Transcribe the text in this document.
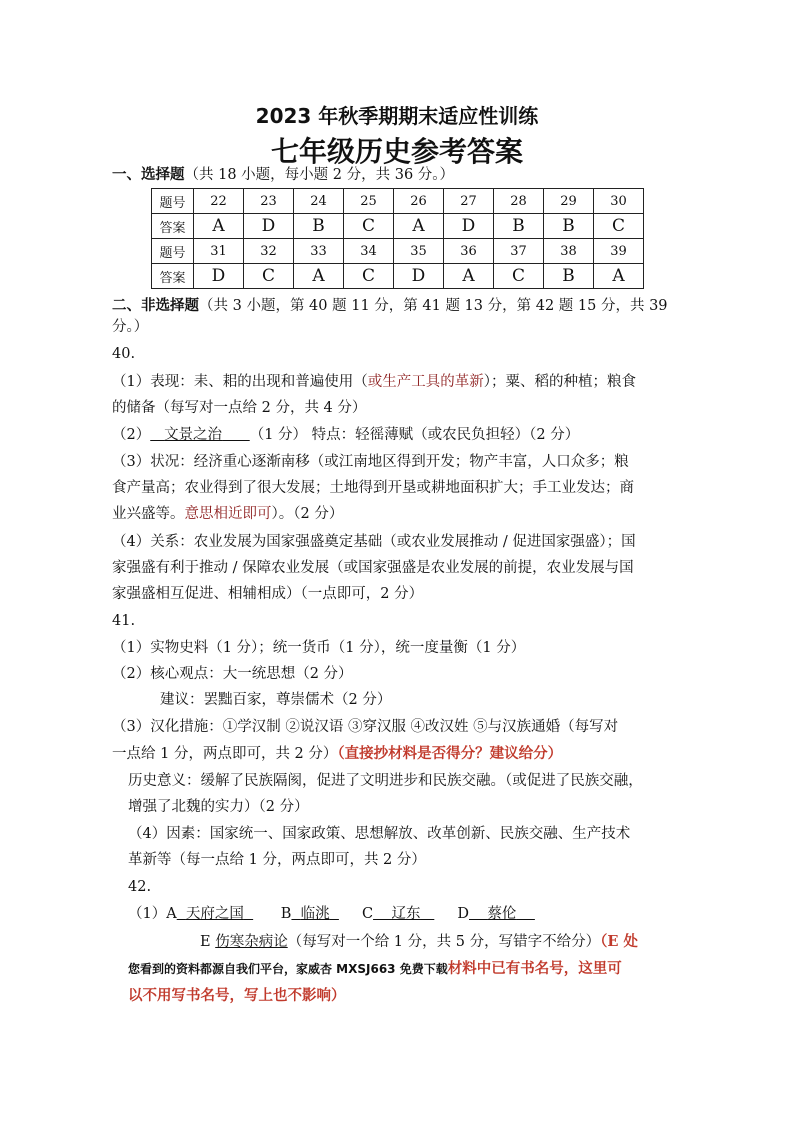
2023 年秋季期期末适应性训练
七年级历史参考答案
一、选择题（共 18 小题，每小题 2 分，共 36 分。）
题号	22	23	24	25	26	27	28	29	30
答案	A	D	B	C	A	D	B	B	C
题号	31	32	33	34	35	36	37	38	39
答案	D	C	A	C	D	A	C	B	A
二、非选择题（共 3 小题，第 40 题 11 分，第 41 题 13 分，第 42 题 15 分，共 39
分。）
40.
（1）表现：耒、耜的出现和普遍使用（或生产工具的革新）；粟、稻的种植；粮食
的储备（每写对一点给 2 分，共 4 分）
（2） 文景之治 （1 分） 特点：轻徭薄赋（或农民负担轻）（2 分）
（3）状况：经济重心逐渐南移（或江南地区得到开发；物产丰富，人口众多；粮
食产量高；农业得到了很大发展；土地得到开垦或耕地面积扩大；手工业发达；商
业兴盛等。意思相近即可）。（2 分）
（4）关系：农业发展为国家强盛奠定基础（或农业发展推动 / 促进国家强盛）；国
家强盛有利于推动 / 保障农业发展（或国家强盛是农业发展的前提，农业发展与国
家强盛相互促进、相辅相成）（一点即可，2 分）
41.
（1）实物史料（1 分）；统一货币（1 分），统一度量衡（1 分）
（2）核心观点：大一统思想（2 分）
建议：罢黜百家，尊崇儒术（2 分）
（3）汉化措施：①学汉制 ②说汉语 ③穿汉服 ④改汉姓 ⑤与汉族通婚（每写对
一点给 1 分，两点即可，共 2 分）（直接抄材料是否得分？建议给分）
历史意义：缓解了民族隔阂，促进了文明进步和民族交融。（或促进了民族交融，
增强了北魏的实力）（2 分）
（4）因素：国家统一、国家政策、思想解放、改革创新、民族交融、生产技术
革新等（每一点给 1 分，两点即可，共 2 分）
42.
（1）A 天府之国	B 临洮 C 辽东	D 蔡伦
E 伤寒杂病论（每写对一个给 1 分，共 5 分，写错字不给分）（E 处
您看到的资料都源自我们平台，家威杏 MXSJ663 免费下载材料中已有书名号，这里可
以不用写书名号，写上也不影响）
